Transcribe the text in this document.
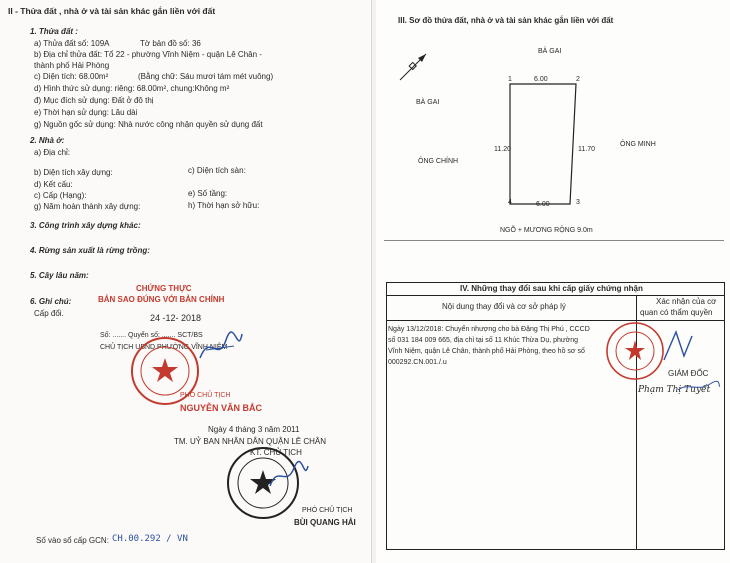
II - Thửa đất , nhà ở và tài sản khác gắn liền với đất
1. Thửa đất :
a) Thửa đất số: 109A	Tờ bản đồ số: 36
b) Địa chỉ thửa đất: Tổ 22 - phường Vĩnh Niệm - quận Lê Chân -
thành phố Hải Phòng
c) Diện tích: 68.00m²	(Bằng chữ: Sáu mươi tám mét vuông)
d) Hình thức sử dụng: riêng: 68.00m², chung:Không m²
đ) Mục đích sử dụng: Đất ở đô thị
e) Thời hạn sử dụng: Lâu dài
g) Nguồn gốc sử dụng: Nhà nước công nhận quyền sử dụng đất
2. Nhà ở:
a) Địa chỉ:
b) Diện tích xây dựng:	c) Diện tích sàn:
d) Kết cấu:
e) Số tầng:
c) Cấp (Hạng):
g) Năm hoàn thành xây dựng:	h) Thời hạn sở hữu:
3. Công trình xây dựng khác:
4. Rừng sản xuất là rừng trồng:
5. Cây lâu năm:
6. Ghi chú:
Cấp đổi.
CHỨNG THỰC
BẢN SAO ĐÚNG VỚI BẢN CHÍNH
24 -12- 2018
Số: ....... Quyển số: ....... SCT/BS
CHỦ TỊCH UBND PHƯỜNG VĨNH NIỆM
PHÓ CHỦ TỊCH
NGUYỄN VĂN BẮC
Ngày 4 tháng 3 năm 2011
TM. UỶ BAN NHÂN DÂN QUẬN LÊ CHÂN
KT. CHỦ TỊCH
PHÓ CHỦ TỊCH
BÙI QUANG HẢI
Số vào sổ cấp GCN: CH.00.292 / VN
III. Sơ đồ thửa đất, nhà ở và tài sản khác gắn liền với đất
1	2
3
4
BÀ GAI
6.00
BÀ GAI
11.20	11.70
ÔNG MINH
ÔNG CHÍNH
6.00
NGÕ + MƯƠNG RỘNG 9.0m
IV. Những thay đổi sau khi cấp giấy chứng nhận
Nội dung thay đổi và cơ sở pháp lý
Xác nhận của cơ
quan có thẩm quyền
Ngày 13/12/2018: Chuyển nhượng cho bà Đặng Thị Phú , CCCD
số 031 184 009 665, địa chỉ tại số 11 Khúc Thừa Dụ, phường
Vĩnh Niệm, quận Lê Chân, thành phố Hải Phòng, theo hồ sơ số
000292.CN.001./.u
GIÁM ĐỐC
Phạm Thị Tuyết
